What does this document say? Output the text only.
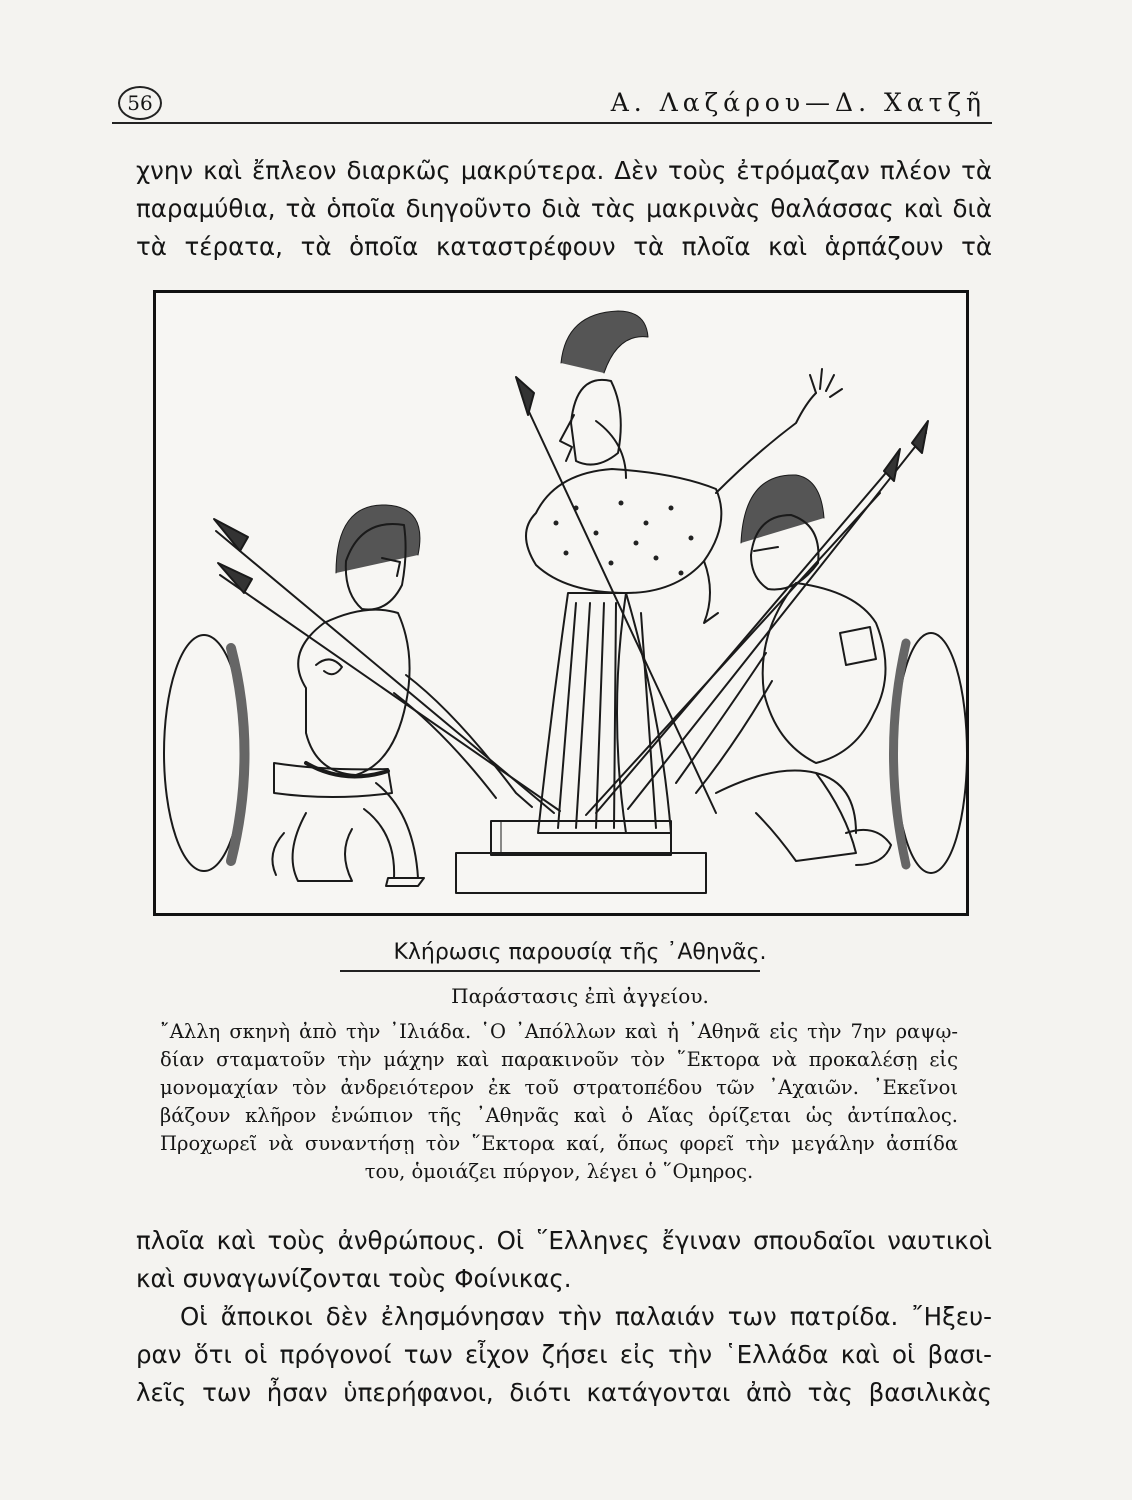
56	Α. Λαζάρου—Δ. Χατζῆ
χνην καὶ ἔπλεον διαρκῶς μακρύτερα. Δὲν τοὺς ἐτρόμαζαν πλέον τὰ
παραμύθια, τὰ ὁποῖα διηγοῦντο διὰ τὰς μακρινὰς θαλάσσας καὶ διὰ
τὰ τέρατα, τὰ ὁποῖα καταστρέφουν τὰ πλοῖα καὶ ἁρπάζουν τὰ
Κλήρωσις παρουσίᾳ τῆς ᾿Αθηνᾶς.
Παράστασις ἐπὶ ἀγγείου.
῎Αλλη σκηνὴ ἀπὸ τὴν ᾿Ιλιάδα. ῾Ο ᾿Απόλλων καὶ ἡ ᾿Αθηνᾶ εἰς τὴν 7ην ραψῳ-
δίαν σταματοῦν τὴν μάχην καὶ παρακινοῦν τὸν ῞Εκτορα νὰ προκαλέσῃ εἰς
μονομαχίαν τὸν ἀνδρειότερον ἐκ τοῦ στρατοπέδου τῶν ᾿Αχαιῶν. ᾿Εκεῖνοι
βάζουν κλῆρον ἐνώπιον τῆς ᾿Αθηνᾶς καὶ ὁ Αἴας ὁρίζεται ὡς ἀντίπαλος.
Προχωρεῖ νὰ συναντήσῃ τὸν ῞Εκτορα καί, ὅπως φορεῖ τὴν μεγάλην ἀσπίδα
του, ὁμοιάζει πύργον, λέγει ὁ ῞Ομηρος.
πλοῖα καὶ τοὺς ἀνθρώπους. Οἱ ῞Ελληνες ἔγιναν σπουδαῖοι ναυτικοὶ
καὶ συναγωνίζονται τοὺς Φοίνικας.
Οἱ ἄποικοι δὲν ἐλησμόνησαν τὴν παλαιάν των πατρίδα. ῎Ηξευ-
ραν ὅτι οἱ πρόγονοί των εἶχον ζήσει εἰς τὴν ῾Ελλάδα καὶ οἱ βασι-
λεῖς των ἦσαν ὑπερήφανοι, διότι κατάγονται ἀπὸ τὰς βασιλικὰς
